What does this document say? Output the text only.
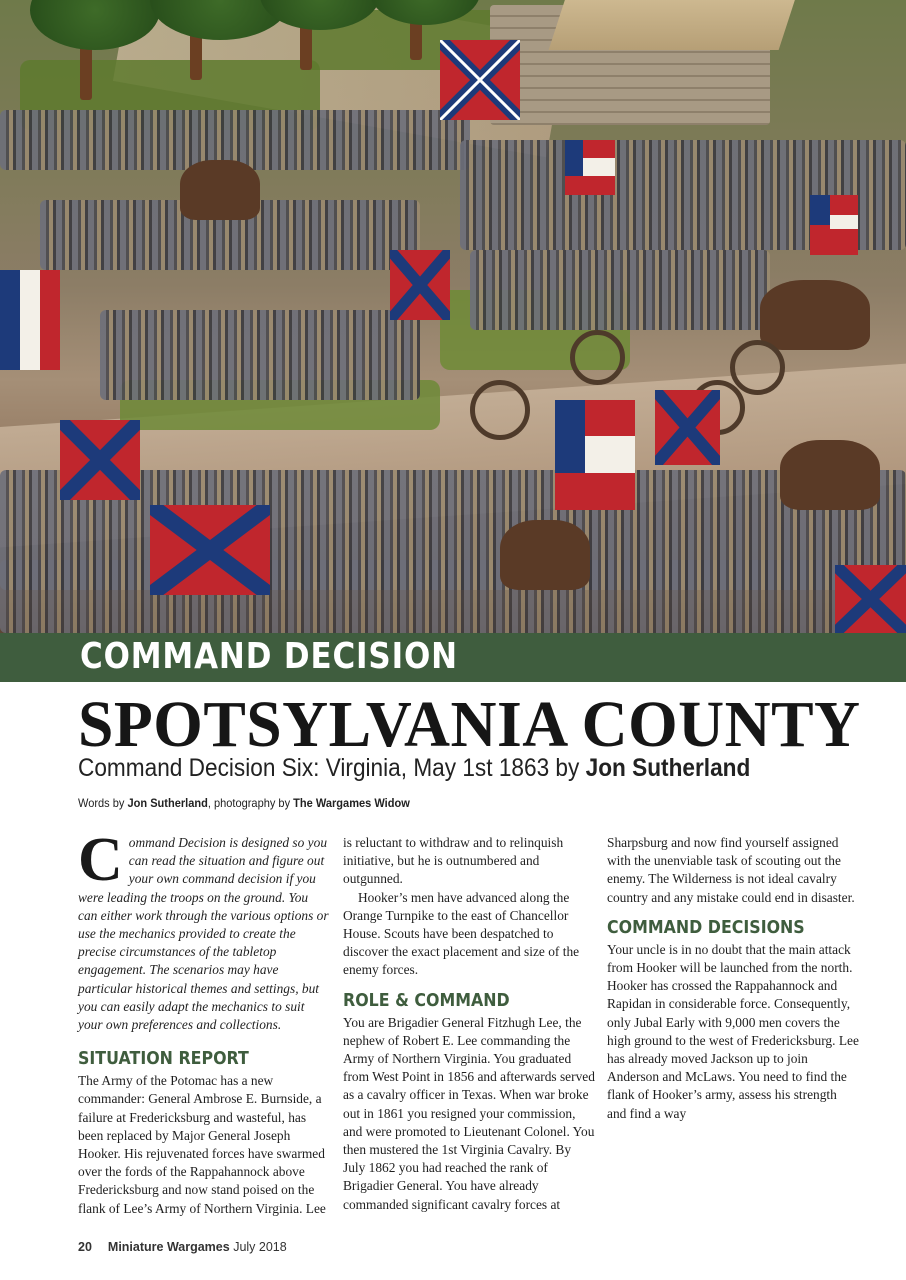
COMMAND DECISION
SPOTSYLVANIA COUNTY
Command Decision Six: Virginia, May 1st 1863 by Jon Sutherland
Words by Jon Sutherland, photography by The Wargames Widow

Command Decision is designed so you can read the situation and figure out your own command decision if you were leading the troops on the ground. You can either work through the various options or use the mechanics provided to create the precise circumstances of the tabletop engagement. The scenarios may have particular historical themes and settings, but you can easily adapt the mechanics to suit your own preferences and collections.

SITUATION REPORT

The Army of the Potomac has a new commander: General Ambrose E. Burnside, a failure at Fredericksburg and wasteful, has been replaced by Major General Joseph Hooker. His rejuvenated forces have swarmed over the fords of the Rappahannock above Fredericksburg and now stand poised on the flank of Lee’s Army of Northern Virginia. Lee

is reluctant to withdraw and to relinquish initiative, but he is outnumbered and outgunned.

Hooker’s men have advanced along the Orange Turnpike to the east of Chancellor House. Scouts have been despatched to discover the exact placement and size of the enemy forces.

ROLE & COMMAND

You are Brigadier General Fitzhugh Lee, the nephew of Robert E. Lee commanding the Army of Northern Virginia. You graduated from West Point in 1856 and afterwards served as a cavalry officer in Texas. When war broke out in 1861 you resigned your commission, and were promoted to Lieutenant Colonel. You then mustered the 1st Virginia Cavalry. By July 1862 you had reached the rank of Brigadier General. You have already commanded significant cavalry forces at

Sharpsburg and now find yourself assigned with the unenviable task of scouting out the enemy. The Wilderness is not ideal cavalry country and any mistake could end in disaster.

COMMAND DECISIONS

Your uncle is in no doubt that the main attack from Hooker will be launched from the north. Hooker has crossed the Rappahannock and Rapidan in considerable force. Consequently, only Jubal Early with 9,000 men covers the high ground to the west of Fredericksburg. Lee has already moved Jackson up to join Anderson and McLaws. You need to find the flank of Hooker’s army, assess his strength and find a way

20 Miniature Wargames July 2018
